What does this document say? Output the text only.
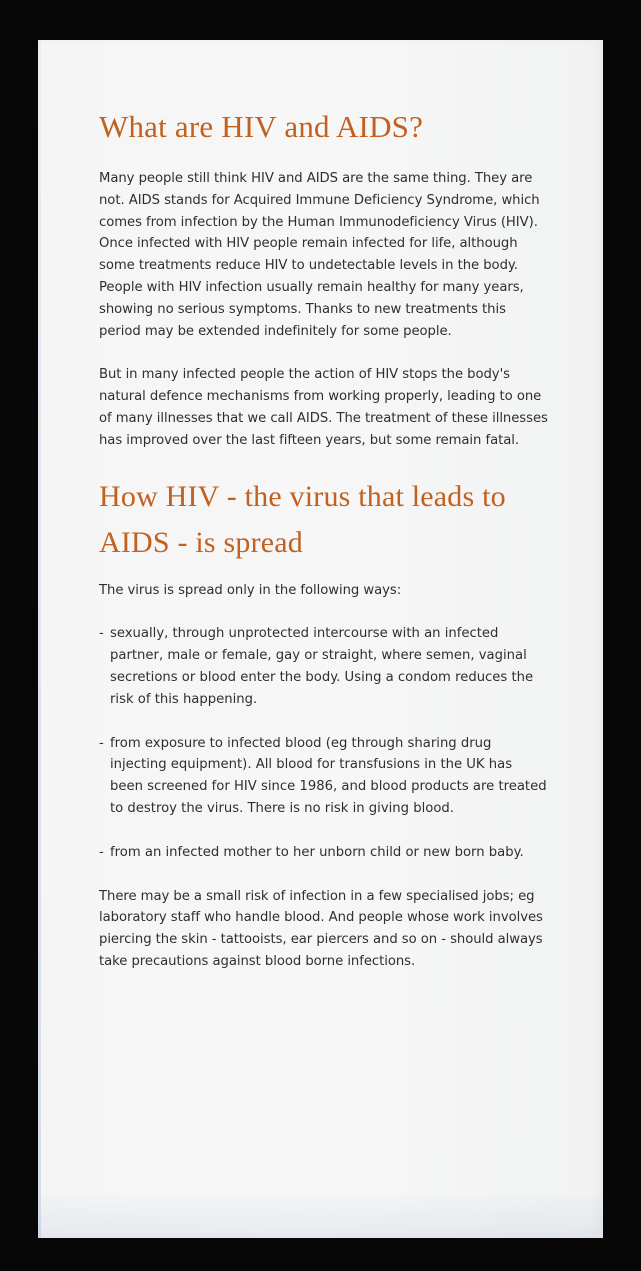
What are HIV and AIDS?

Many people still think HIV and AIDS are the same thing. They are not. AIDS stands for Acquired Immune Deficiency Syndrome, which comes from infection by the Human Immunodeficiency Virus (HIV). Once infected with HIV people remain infected for life, although some treatments reduce HIV to undetectable levels in the body. People with HIV infection usually remain healthy for many years, showing no serious symptoms. Thanks to new treatments this period may be extended indefinitely for some people.

But in many infected people the action of HIV stops the body's natural defence mechanisms from working properly, leading to one of many illnesses that we call AIDS. The treatment of these illnesses has improved over the last fifteen years, but some remain fatal.

How HIV - the virus that leads to AIDS - is spread

The virus is spread only in the following ways:

- sexually, through unprotected intercourse with an infected partner, male or female, gay or straight, where semen, vaginal secretions or blood enter the body. Using a condom reduces the risk of this happening.
- from exposure to infected blood (eg through sharing drug injecting equipment). All blood for transfusions in the UK has been screened for HIV since 1986, and blood products are treated to destroy the virus. There is no risk in giving blood.
- from an infected mother to her unborn child or new born baby.

There may be a small risk of infection in a few specialised jobs; eg laboratory staff who handle blood. And people whose work involves piercing the skin - tattooists, ear piercers and so on - should always take precautions against blood borne infections.
